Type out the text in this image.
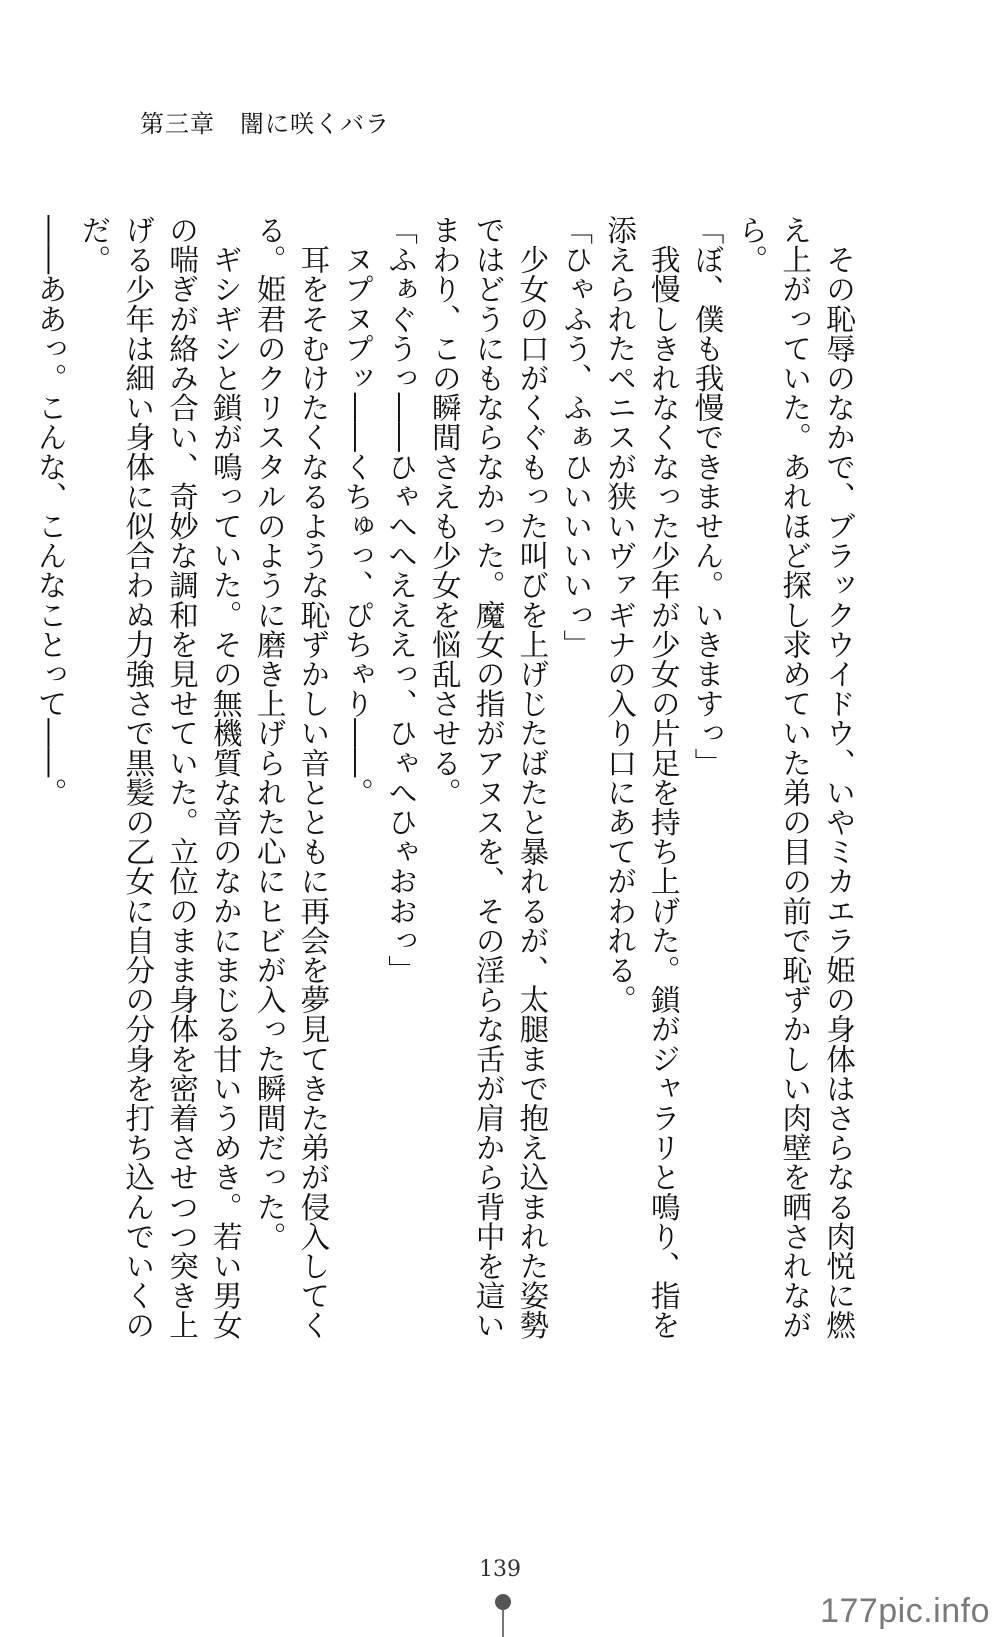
第三章　闇に咲くバラ

　その恥辱のなかで、ブラックウイドウ、いやミカエラ姫の身体はさらなる肉悦に燃え上がっていた。あれほど探し求めていた弟の目の前で恥ずかしい肉壁を晒されながら。

「ぼ、僕も我慢できません。いきますっ」

　我慢しきれなくなった少年が少女の片足を持ち上げた。鎖がジャラリと鳴り、指を添えられたペニスが狭いヴァギナの入り口にあてがわれる。

「ひゃふう、ふぁひいいいいっ」

　少女の口がくぐもった叫びを上げじたばたと暴れるが、太腿まで抱え込まれた姿勢ではどうにもならなかった。魔女の指がアヌスを、その淫らな舌が肩から背中を這いまわり、この瞬間さえも少女を悩乱させる。

「ふぁぐうっ――ひゃへへえええっ、ひゃへひゃおおっ」

　ヌプヌプッ――くちゅっ、ぴちゃり――。

　耳をそむけたくなるような恥ずかしい音とともに再会を夢見てきた弟が侵入してくる。姫君のクリスタルのように磨き上げられた心にヒビが入った瞬間だった。

　ギシギシと鎖が鳴っていた。その無機質な音のなかにまじる甘いうめき。若い男女の喘ぎが絡み合い、奇妙な調和を見せていた。立位のまま身体を密着させつつ突き上げる少年は細い身体に似合わぬ力強さで黒髪の乙女に自分の分身を打ち込んでいくのだ。

――ああっ。こんな、こんなことって――。

139
177pic.info
